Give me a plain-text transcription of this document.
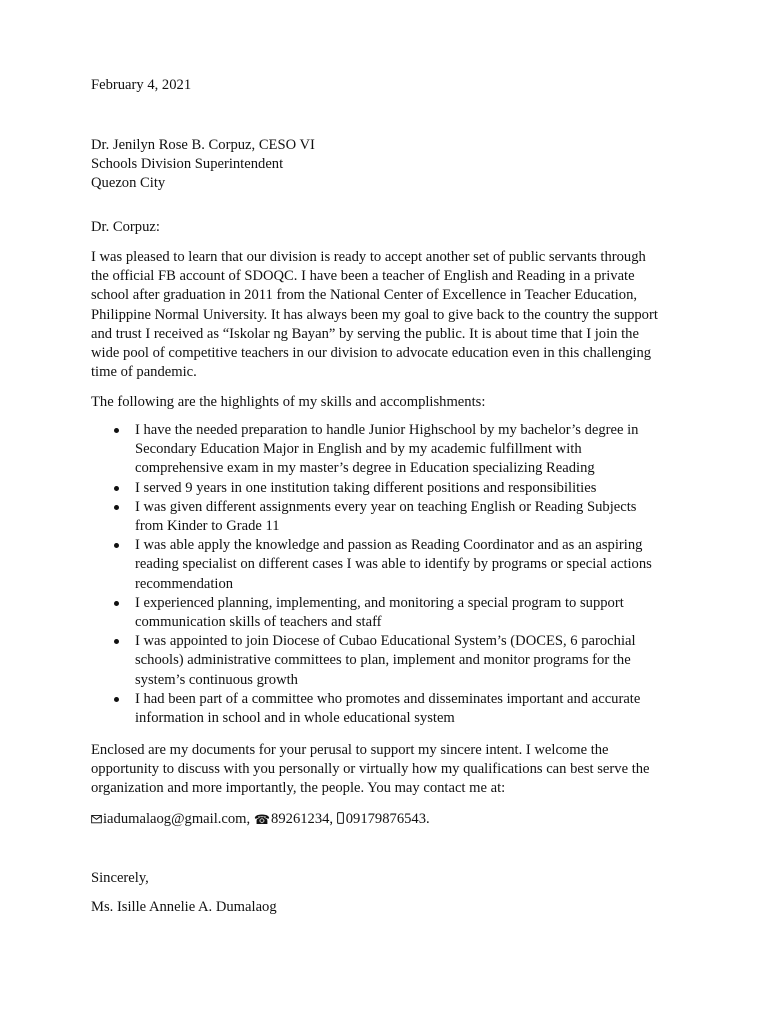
February 4, 2021

Dr. Jenilyn Rose B. Corpuz, CESO VI
Schools Division Superintendent
Quezon City

Dr. Corpuz:

I was pleased to learn that our division is ready to accept another set of public servants through
the official FB account of SDOQC. I have been a teacher of English and Reading in a private
school after graduation in 2011 from the National Center of Excellence in Teacher Education,
Philippine Normal University. It has always been my goal to give back to the country the support
and trust I received as “Iskolar ng Bayan” by serving the public. It is about time that I join the
wide pool of competitive teachers in our division to advocate education even in this challenging
time of pandemic.

The following are the highlights of my skills and accomplishments:

I have the needed preparation to handle Junior Highschool by my bachelor’s degree in
Secondary Education Major in English and by my academic fulfillment with
comprehensive exam in my master’s degree in Education specializing Reading
I served 9 years in one institution taking different positions and responsibilities
I was given different assignments every year on teaching English or Reading Subjects
from Kinder to Grade 11
I was able apply the knowledge and passion as Reading Coordinator and as an aspiring
reading specialist on different cases I was able to identify by programs or special actions
recommendation
I experienced planning, implementing, and monitoring a special program to support
communication skills of teachers and staff
I was appointed to join Diocese of Cubao Educational System’s (DOCES, 6 parochial
schools) administrative committees to plan, implement and monitor programs for the
system’s continuous growth
I had been part of a committee who promotes and disseminates important and accurate
information in school and in whole educational system
Enclosed are my documents for your perusal to support my sincere intent. I welcome the
opportunity to discuss with you personally or virtually how my qualifications can best serve the
organization and more importantly, the people. You may contact me at:

iadumalaog@gmail.com, ☎89261234, 09179876543.

Sincerely,

Ms. Isille Annelie A. Dumalaog
